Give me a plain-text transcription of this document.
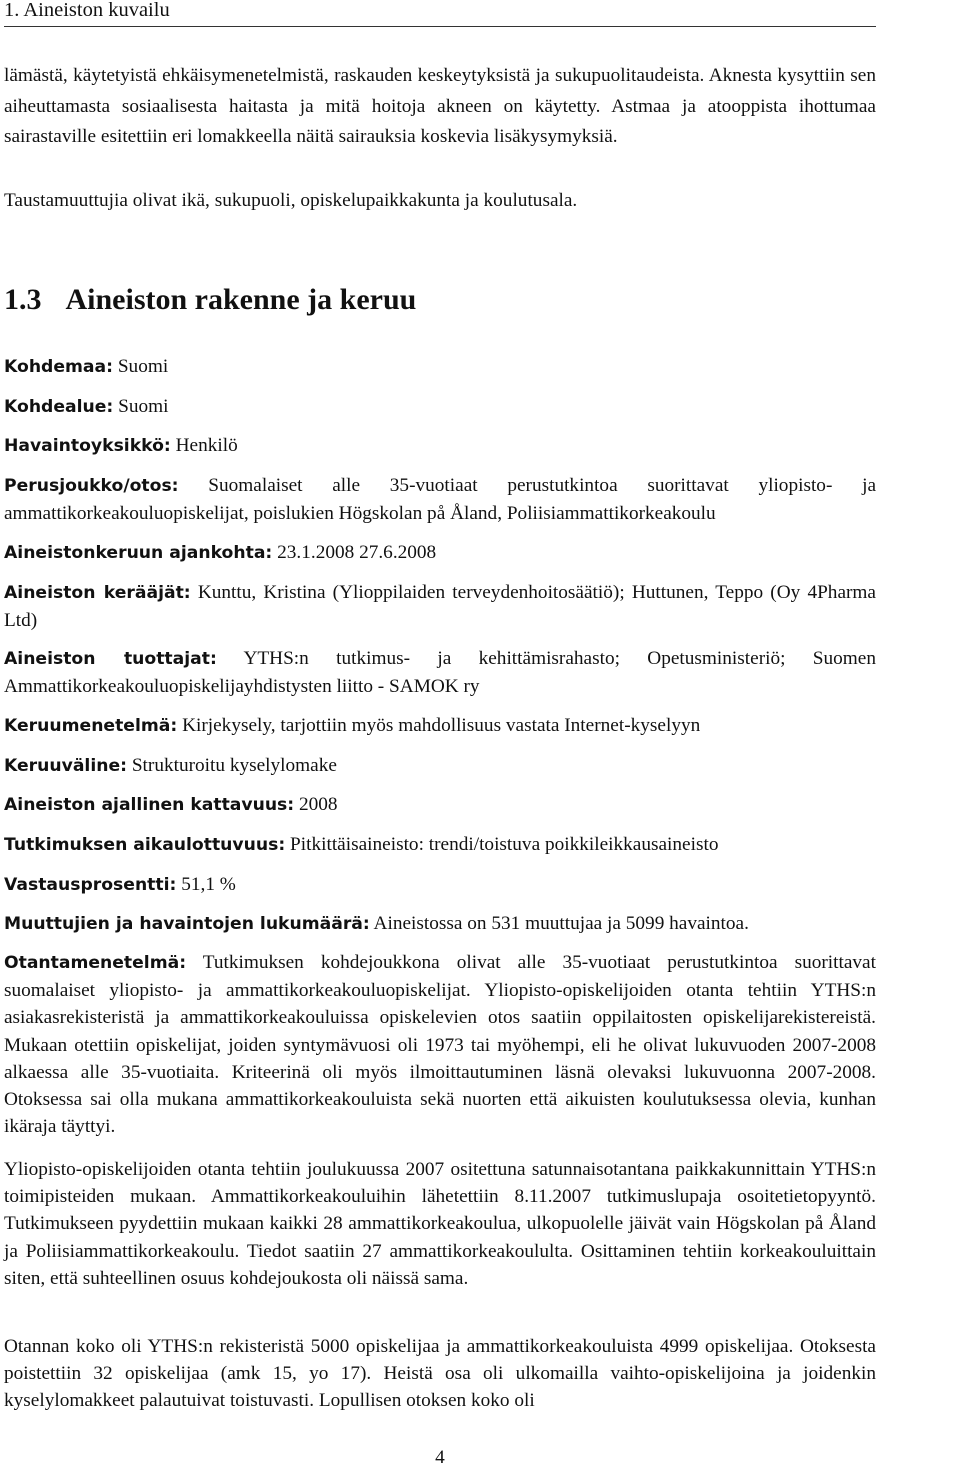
1. Aineiston kuvailu

lämästä, käytetyistä ehkäisymenetelmistä, raskauden keskeytyksistä ja sukupuolitaudeista. Aknesta kysyttiin sen aiheuttamasta sosiaalisesta haitasta ja mitä hoitoja akneen on käytetty. Astmaa ja atooppista ihottumaa sairastaville esitettiin eri lomakkeella näitä sairauksia koskevia lisäkysymyksiä.

Taustamuuttujia olivat ikä, sukupuoli, opiskelupaikkakunta ja koulutusala.

1.3 Aineiston rakenne ja keruu

Kohdemaa: Suomi

Kohdealue: Suomi

Havaintoyksikkö: Henkilö

Perusjoukko/otos: Suomalaiset alle 35-vuotiaat perustutkintoa suorittavat yliopisto- ja ammattikorkeakouluopiskelijat, poislukien Högskolan på Åland, Poliisiammattikorkeakoulu

Aineistonkeruun ajankohta: 23.1.2008 27.6.2008

Aineiston kerääjät: Kunttu, Kristina (Ylioppilaiden terveydenhoitosäätiö); Huttunen, Teppo (Oy 4Pharma Ltd)

Aineiston tuottajat: YTHS:n tutkimus- ja kehittämisrahasto; Opetusministeriö; Suomen Ammattikorkeakouluopiskelijayhdistysten liitto - SAMOK ry

Keruumenetelmä: Kirjekysely, tarjottiin myös mahdollisuus vastata Internet-kyselyyn

Keruuväline: Strukturoitu kyselylomake

Aineiston ajallinen kattavuus: 2008

Tutkimuksen aikaulottuvuus: Pitkittäisaineisto: trendi/toistuva poikkileikkausaineisto

Vastausprosentti: 51,1 %

Muuttujien ja havaintojen lukumäärä: Aineistossa on 531 muuttujaa ja 5099 havaintoa.

Otantamenetelmä: Tutkimuksen kohdejoukkona olivat alle 35-vuotiaat perustutkintoa suorittavat suomalaiset yliopisto- ja ammattikorkeakouluopiskelijat. Yliopisto-opiskelijoiden otanta tehtiin YTHS:n asiakasrekisteristä ja ammattikorkeakouluissa opiskelevien otos saatiin oppilaitosten opiskelijarekistereistä. Mukaan otettiin opiskelijat, joiden syntymävuosi oli 1973 tai myöhempi, eli he olivat lukuvuoden 2007-2008 alkaessa alle 35-vuotiaita. Kriteerinä oli myös ilmoittautuminen läsnä olevaksi lukuvuonna 2007-2008. Otoksessa sai olla mukana ammattikorkeakouluista sekä nuorten että aikuisten koulutuksessa olevia, kunhan ikäraja täyttyi.

Yliopisto-opiskelijoiden otanta tehtiin joulukuussa 2007 ositettuna satunnaisotantana paikkakunnittain YTHS:n toimipisteiden mukaan. Ammattikorkeakouluihin lähetettiin 8.11.2007 tutkimuslupaja osoitetietopyyntö. Tutkimukseen pyydettiin mukaan kaikki 28 ammattikorkeakoulua, ulkopuolelle jäivät vain Högskolan på Åland ja Poliisiammattikorkeakoulu. Tiedot saatiin 27 ammattikorkeakoululta. Osittaminen tehtiin korkeakouluittain siten, että suhteellinen osuus kohdejoukosta oli näissä sama.

Otannan koko oli YTHS:n rekisteristä 5000 opiskelijaa ja ammattikorkeakouluista 4999 opiskelijaa. Otoksesta poistettiin 32 opiskelijaa (amk 15, yo 17). Heistä osa oli ulkomailla vaihto-opiskelijoina ja joidenkin kyselylomakkeet palautuivat toistuvasti. Lopullisen otoksen koko oli

4
